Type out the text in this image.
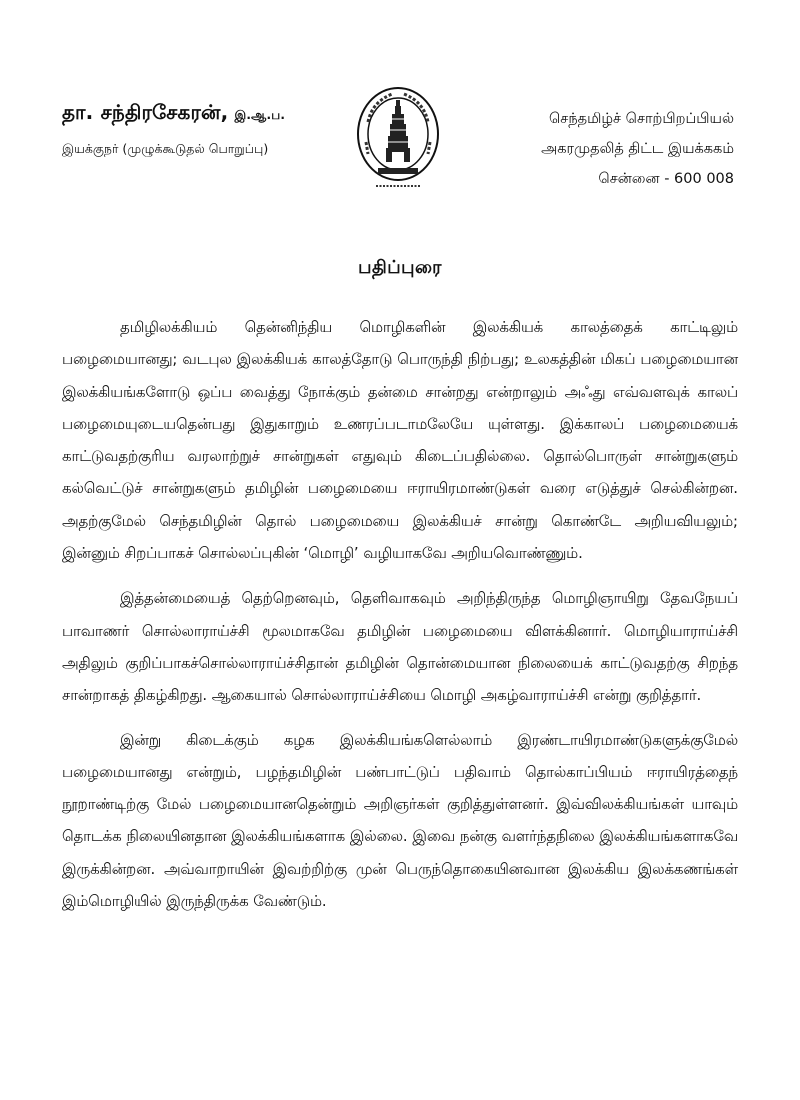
தா. சந்திரசேகரன், இ.ஆ.ப.
இயக்குநர் (முழுக்கூடுதல் பொறுப்பு)
செந்தமிழ்ச் சொற்பிறப்பியல்
அகரமுதலித் திட்ட இயக்ககம்
சென்னை - 600 008
பதிப்புரை

தமிழிலக்கியம் தென்னிந்திய மொழிகளின் இலக்கியக் காலத்தைக் காட்டிலும் பழைமையானது; வடபுல இலக்கியக் காலத்தோடு பொருந்தி நிற்பது; உலகத்தின் மிகப் பழைமையான இலக்கியங்களோடு ஒப்ப வைத்து நோக்கும் தன்மை சான்றது என்றாலும் அஃது எவ்வளவுக் காலப் பழைமையுடையதென்பது இதுகாறும் உணரப்படாமலேயே யுள்ளது. இக்காலப் பழைமையைக் காட்டுவதற்குரிய வரலாற்றுச் சான்றுகள் எதுவும் கிடைப்பதில்லை. தொல்பொருள் சான்றுகளும் கல்வெட்டுச் சான்றுகளும் தமிழின் பழைமையை ஈராயிரமாண்டுகள் வரை எடுத்துச் செல்கின்றன. அதற்குமேல் செந்தமிழின் தொல் பழைமையை இலக்கியச் சான்று கொண்டே அறியவியலும்; இன்னும் சிறப்பாகச் சொல்லப்புகின் ‘மொழி’ வழியாகவே அறியவொண்ணும்.

இத்தன்மையைத் தெற்றெனவும், தெளிவாகவும் அறிந்திருந்த மொழிஞாயிறு தேவநேயப் பாவாணர் சொல்லாராய்ச்சி மூலமாகவே தமிழின் பழைமையை விளக்கினார். மொழியாராய்ச்சி அதிலும் குறிப்பாகச்சொல்லாராய்ச்சிதான் தமிழின் தொன்மையான நிலையைக் காட்டுவதற்கு சிறந்த சான்றாகத் திகழ்கிறது. ஆகையால் சொல்லாராய்ச்சியை மொழி அகழ்வாராய்ச்சி என்று குறித்தார்.

இன்று கிடைக்கும் கழக இலக்கியங்களெல்லாம் இரண்டாயிரமாண்டுகளுக்குமேல் பழைமையானது என்றும், பழந்தமிழின் பண்பாட்டுப் பதிவாம் தொல்காப்பியம் ஈராயிரத்தைந் நூறாண்டிற்கு மேல் பழைமையானதென்றும் அறிஞர்கள் குறித்துள்ளனர். இவ்விலக்கியங்கள் யாவும் தொடக்க நிலையினதான இலக்கியங்களாக இல்லை. இவை நன்கு வளர்ந்தநிலை இலக்கியங்களாகவே இருக்கின்றன. அவ்வாறாயின் இவற்றிற்கு முன் பெருந்தொகையினவான இலக்கிய இலக்கணங்கள் இம்மொழியில் இருந்திருக்க வேண்டும்.
